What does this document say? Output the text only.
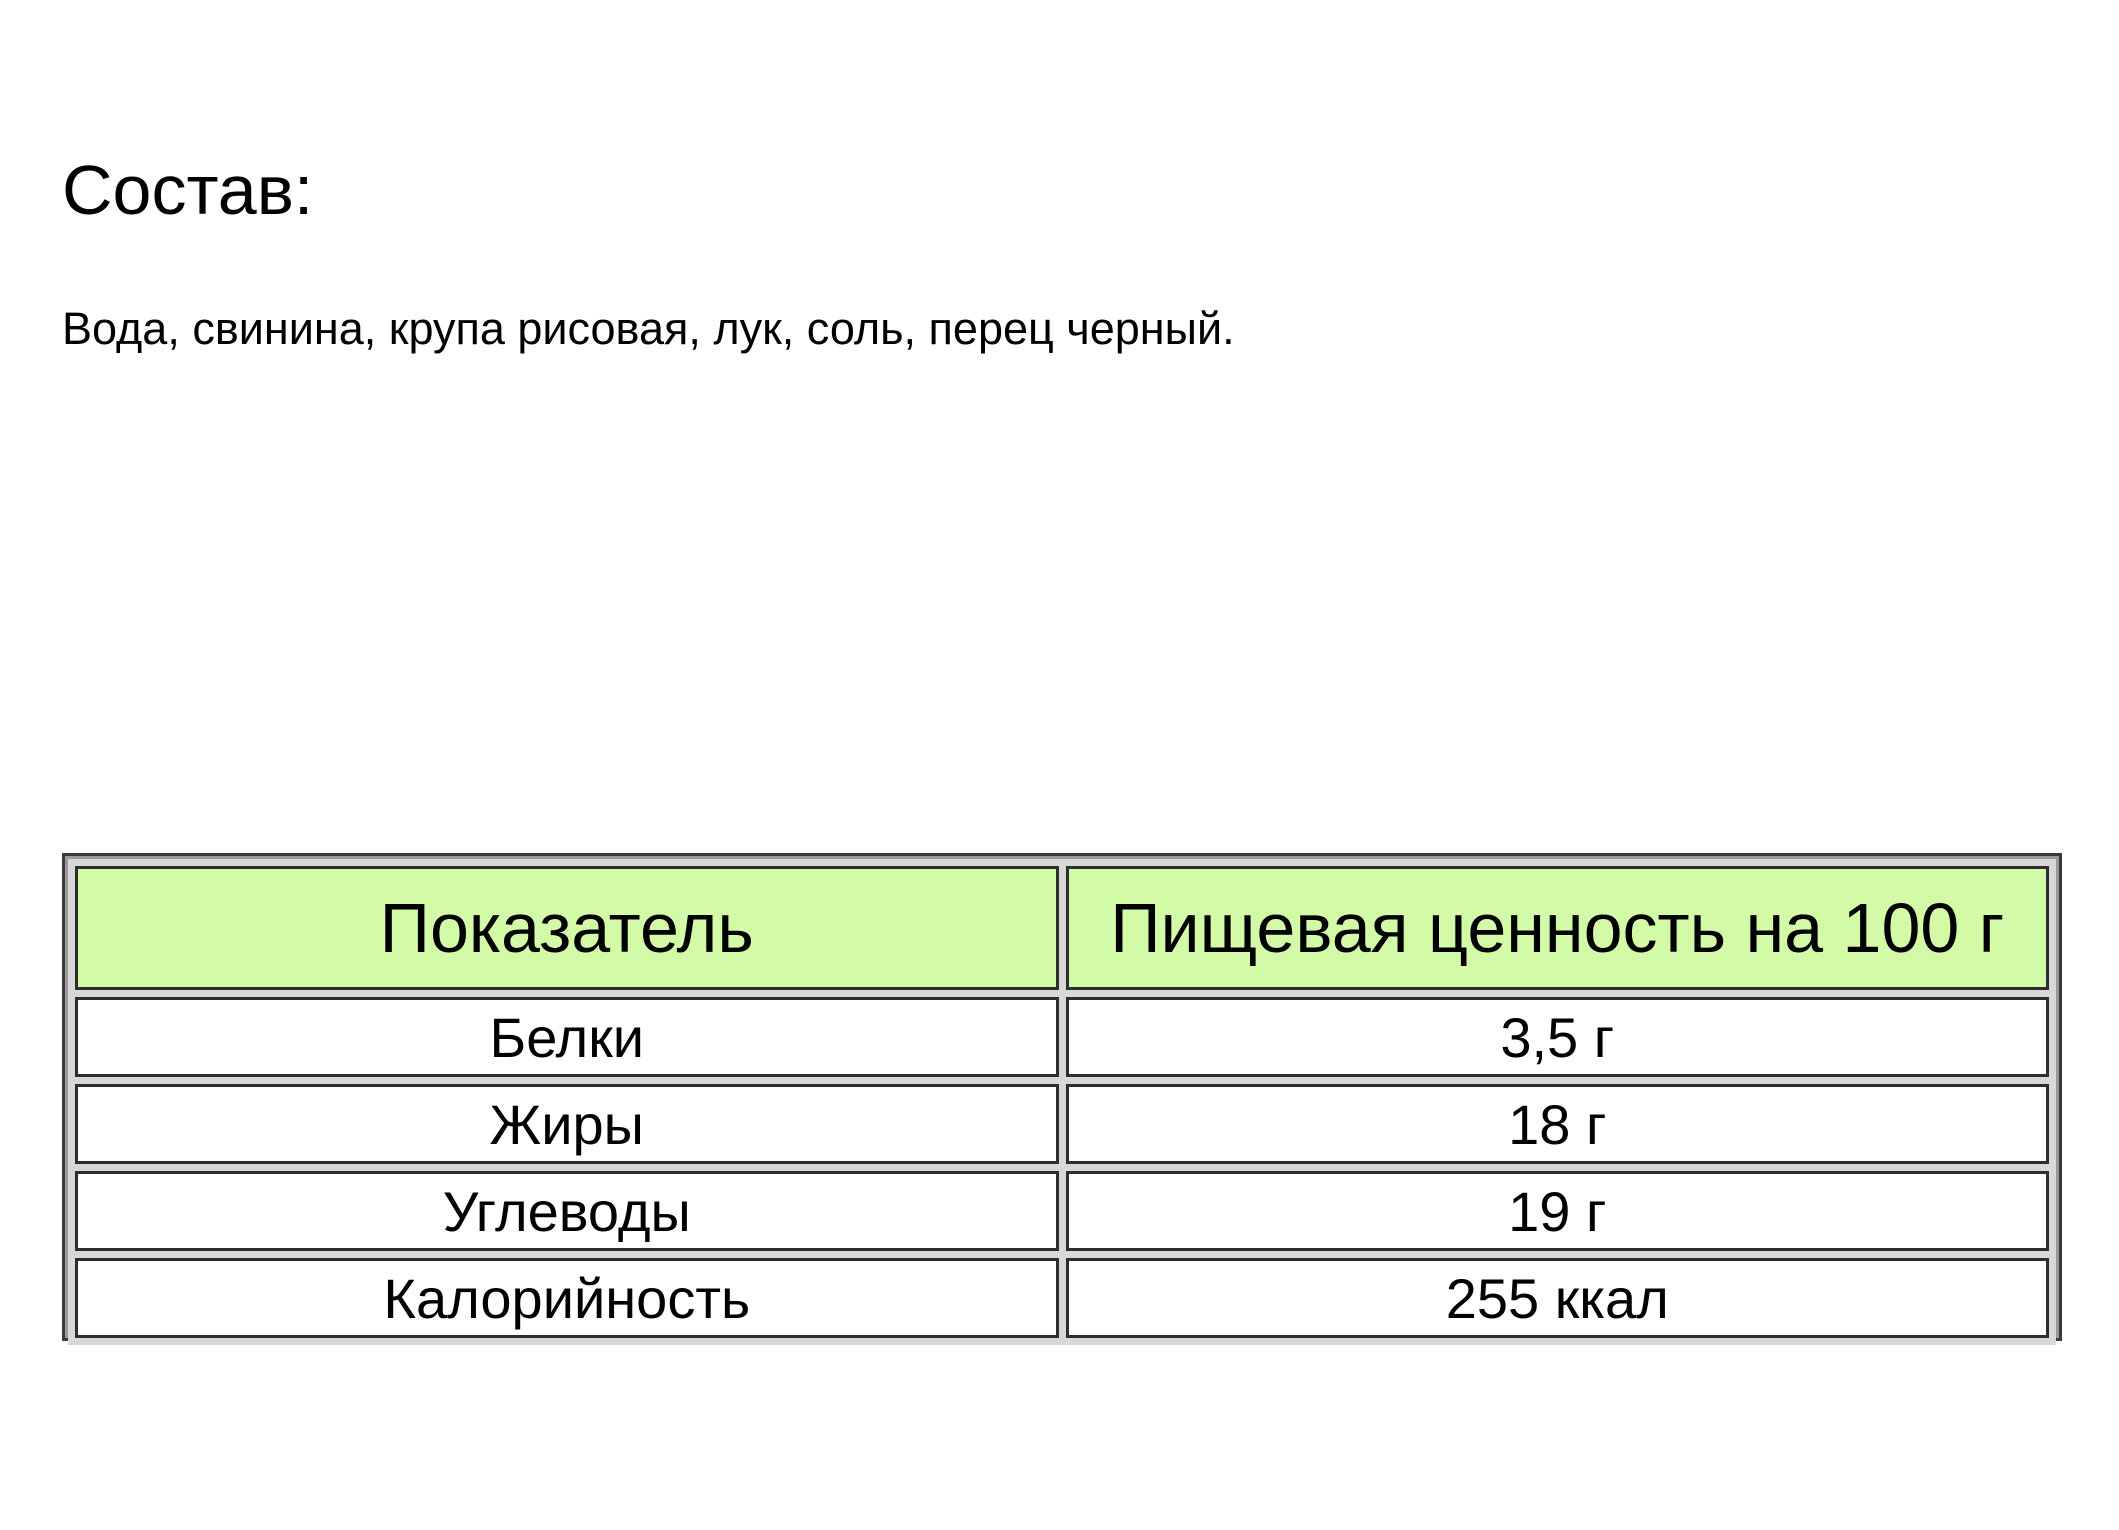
Состав:
Вода, свинина, крупа рисовая, лук, соль, перец черный.
Показатель	Пищевая ценность на 100 г
Белки	3,5 г
Жиры	18 г
Углеводы	19 г
Калорийность	255 ккал
